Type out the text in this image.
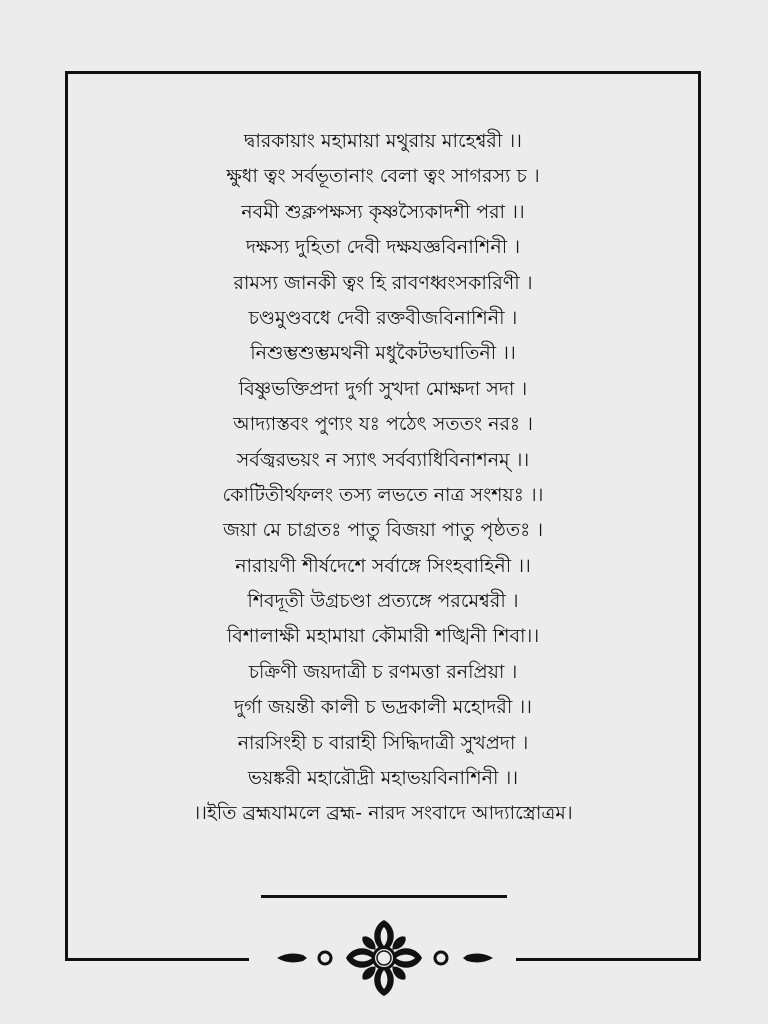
দ্বারকায়াং মহামায়া মথুরায় মাহেশ্বরী ।।
ক্ষুধা ত্বং সর্বভূতানাং বেলা ত্বং সাগরস্য চ ।
নবমী শুক্লপক্ষস্য কৃষ্ণস্যৈকাদশী পরা ।।
দক্ষস্য দুহিতা দেবী দক্ষযজ্ঞবিনাশিনী ।
রামস্য জানকী ত্বং হি রাবণধ্বংসকারিণী ।
চণ্ডমুণ্ডবধে দেবী রক্তবীজবিনাশিনী ।
নিশুম্ভশুম্ভমথনী মধুকৈটভঘাতিনী ।।
বিষ্ণুভক্তিপ্রদা দুর্গা সুখদা মোক্ষদা সদা ।
আদ্যাস্তবং পুণ্যং যঃ পঠেৎ সততং নরঃ ।
সর্বজ্বরভয়ং ন স্যাৎ সর্বব্যাধিবিনাশনম্ ।।
কোটিতীর্থফলং তস্য লভতে নাত্র সংশয়ঃ ।।
জয়া মে চাগ্রতঃ পাতু বিজয়া পাতু পৃষ্ঠতঃ ।
নারায়ণী শীর্ষদেশে সর্বাঙ্গে সিংহবাহিনী ।।
শিবদূতী উগ্রচণ্ডা প্রত্যঙ্গে পরমেশ্বরী ।
বিশালাক্ষী মহামায়া কৌমারী শঙ্খিনী শিবা।।
চক্রিণী জয়দাত্রী চ রণমত্তা রনপ্রিয়া ।
দুর্গা জয়ন্তী কালী চ ভদ্রকালী মহোদরী ।।
নারসিংহী চ বারাহী সিদ্ধিদাত্রী সুখপ্রদা ।
ভয়ঙ্করী মহারৌদ্রী মহাভয়বিনাশিনী ।।
।।ইতি ব্রহ্মযামলে ব্রহ্ম- নারদ সংবাদে আদ্যাস্ত্রোত্রম।
